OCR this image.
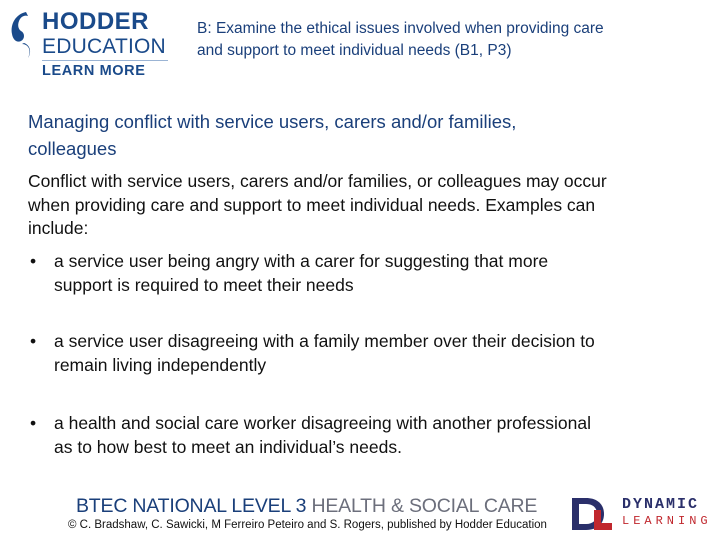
HODDER
EDUCATION
LEARN MORE
B: Examine the ethical issues involved when providing care
and support to meet individual needs (B1, P3)
Managing conflict with service users, carers and/or families,
colleagues
Conflict with service users, carers and/or families, or colleagues may occur
when providing care and support to meet individual needs. Examples can
include:
• a service user being angry with a carer for suggesting that more
support is required to meet their needs
• a service user disagreeing with a family member over their decision to
remain living independently
• a health and social care worker disagreeing with another professional
as to how best to meet an individual’s needs.
BTEC NATIONAL LEVEL 3 HEALTH & SOCIAL CARE
© C. Bradshaw, C. Sawicki, M Ferreiro Peteiro and S. Rogers, published by Hodder Education
DYNAMIC
LEARNING
